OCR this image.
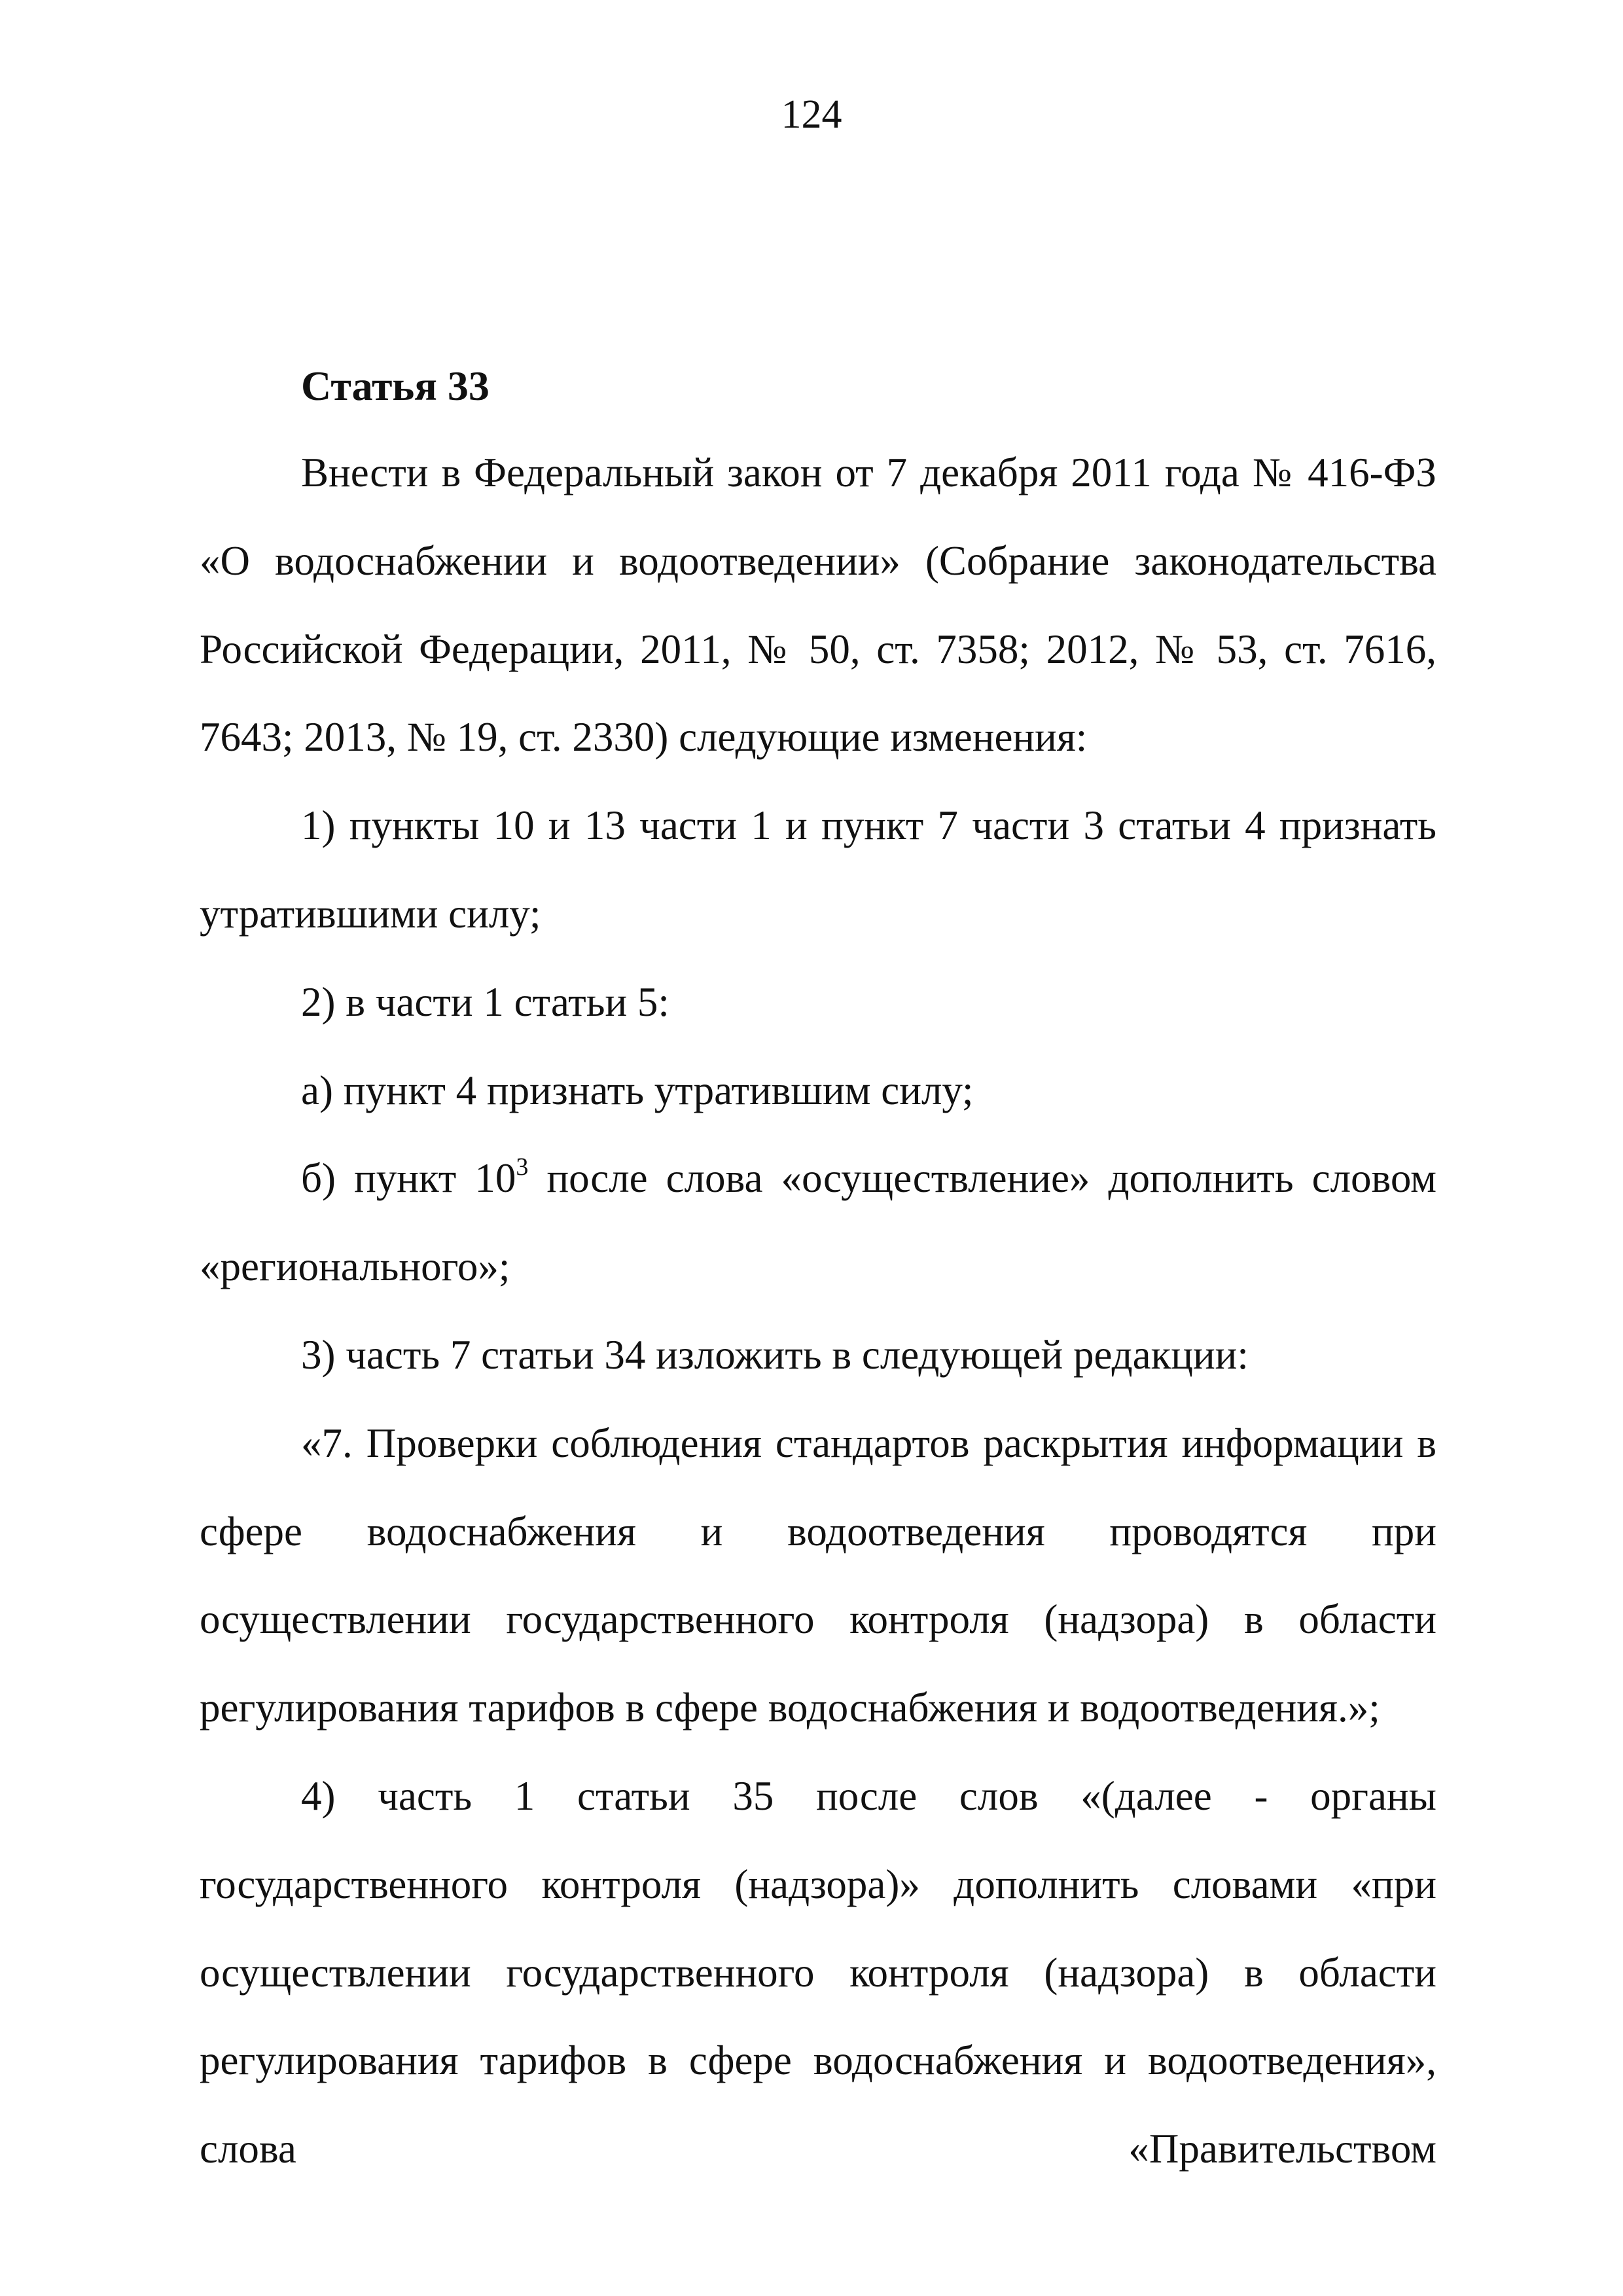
124
Статья 33

Внести в Федеральный закон от 7 декабря 2011 года № 416-ФЗ «О водоснабжении и водоотведении» (Собрание законодательства Российской Федерации, 2011, № 50, ст. 7358; 2012, № 53, ст. 7616, 7643; 2013, № 19, ст. 2330) следующие изменения:

1) пункты 10 и 13 части 1 и пункт 7 части 3 статьи 4 признать утратившими силу;

2) в части 1 статьи 5:

а) пункт 4 признать утратившим силу;

б) пункт $10^3$ после слова «осуществление» дополнить словом «регионального»;

3) часть 7 статьи 34 изложить в следующей редакции:

«7. Проверки соблюдения стандартов раскрытия информации в сфере водоснабжения и водоотведения проводятся при осуществлении государственного контроля (надзора) в области регулирования тарифов в сфере водоснабжения и водоотведения.»;

4) часть 1 статьи 35 после слов «(далее - органы государственного контроля (надзора)» дополнить словами «при осуществлении государственного контроля (надзора) в области регулирования тарифов в сфере водоснабжения и водоотведения», слова «Правительством
